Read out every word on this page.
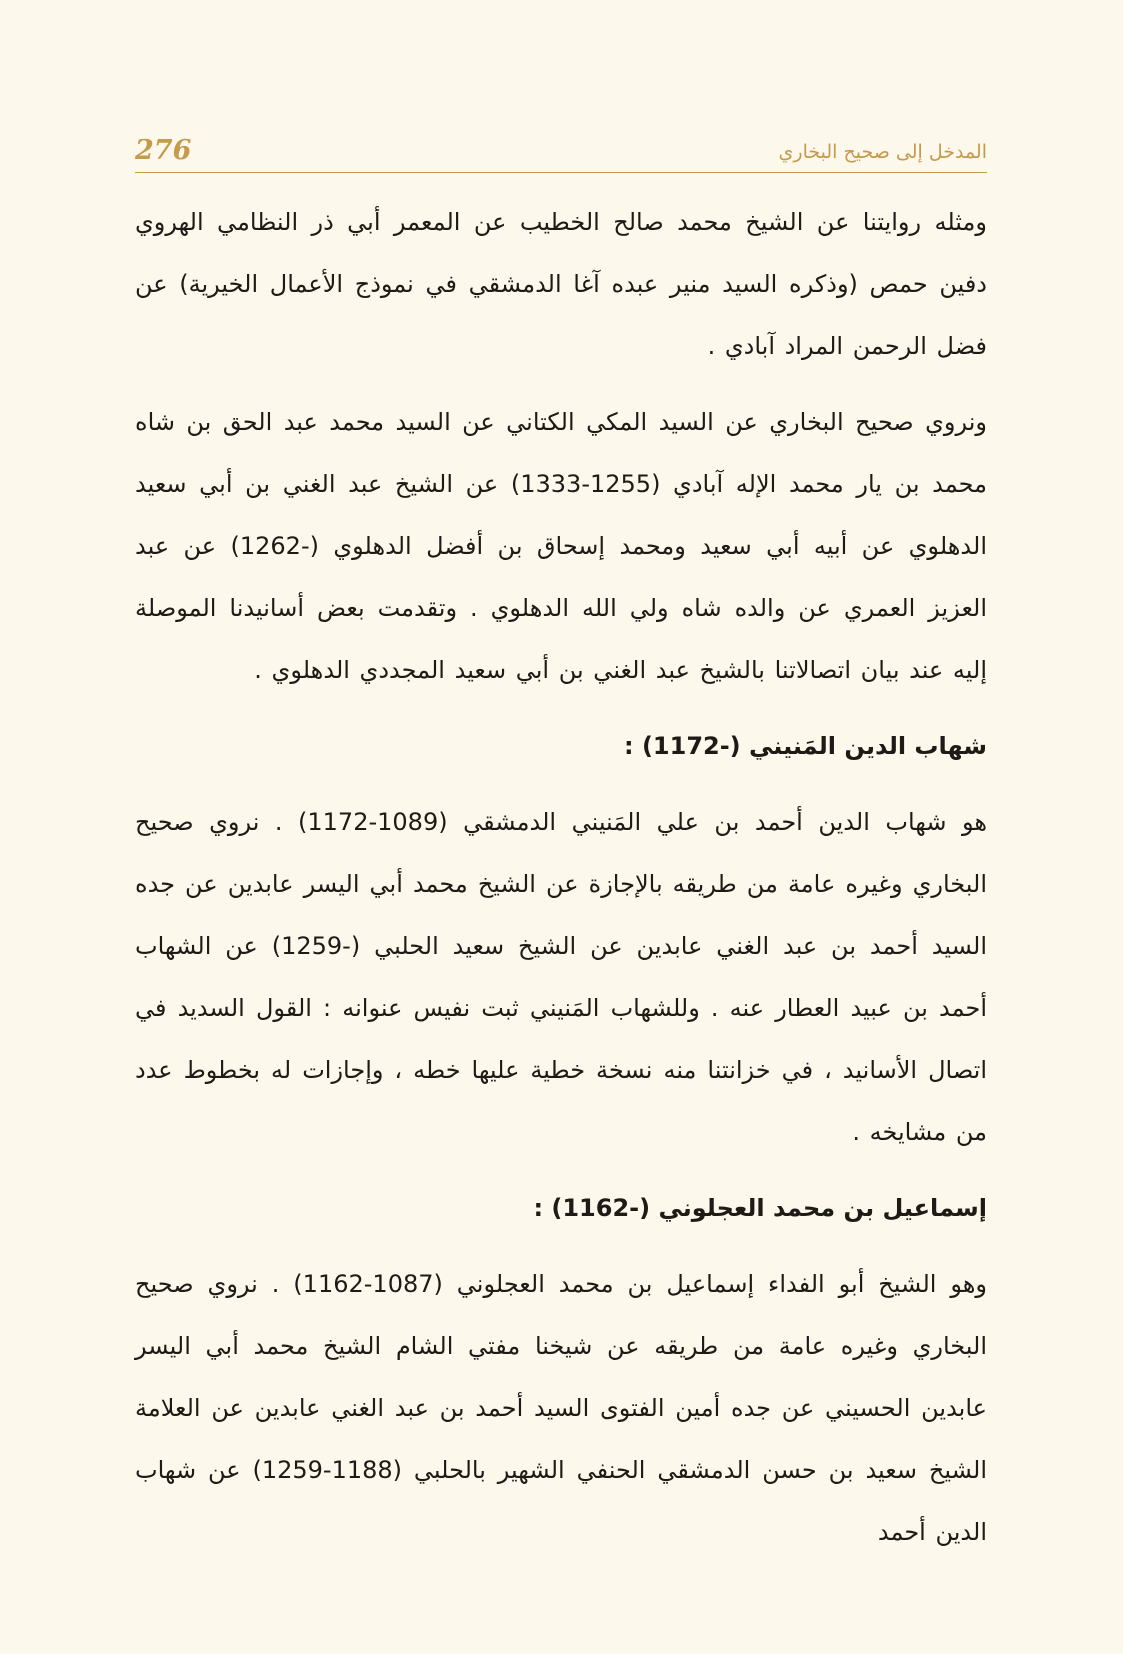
276	المدخل إلى صحيح البخاري

ومثله روايتنا عن الشيخ محمد صالح الخطيب عن المعمر أبي ذر النظامي الهروي دفين حمص (وذكره السيد منير عبده آغا الدمشقي في نموذج الأعمال الخيرية) عن فضل الرحمن المراد آبادي .

ونروي صحيح البخاري عن السيد المكي الكتاني عن السيد محمد عبد الحق بن شاه محمد بن يار محمد الإله آبادي (1255-1333) عن الشيخ عبد الغني بن أبي سعيد الدهلوي عن أبيه أبي سعيد ومحمد إسحاق بن أفضل الدهلوي (-1262) عن عبد العزيز العمري عن والده شاه ولي الله الدهلوي . وتقدمت بعض أسانيدنا الموصلة إليه عند بيان اتصالاتنا بالشيخ عبد الغني بن أبي سعيد المجددي الدهلوي .

شهاب الدين المَنيني (-1172) :

هو شهاب الدين أحمد بن علي المَنيني الدمشقي (1089-1172) . نروي صحيح البخاري وغيره عامة من طريقه بالإجازة عن الشيخ محمد أبي اليسر عابدين عن جده السيد أحمد بن عبد الغني عابدين عن الشيخ سعيد الحلبي (-1259) عن الشهاب أحمد بن عبيد العطار عنه . وللشهاب المَنيني ثبت نفيس عنوانه : القول السديد في اتصال الأسانيد ، في خزانتنا منه نسخة خطية عليها خطه ، وإجازات له بخطوط عدد من مشايخه .

إسماعيل بن محمد العجلوني (-1162) :

وهو الشيخ أبو الفداء إسماعيل بن محمد العجلوني (1087-1162) . نروي صحيح البخاري وغيره عامة من طريقه عن شيخنا مفتي الشام الشيخ محمد أبي اليسر عابدين الحسيني عن جده أمين الفتوى السيد أحمد بن عبد الغني عابدين عن العلامة الشيخ سعيد بن حسن الدمشقي الحنفي الشهير بالحلبي (1188-1259) عن شهاب الدين أحمد
